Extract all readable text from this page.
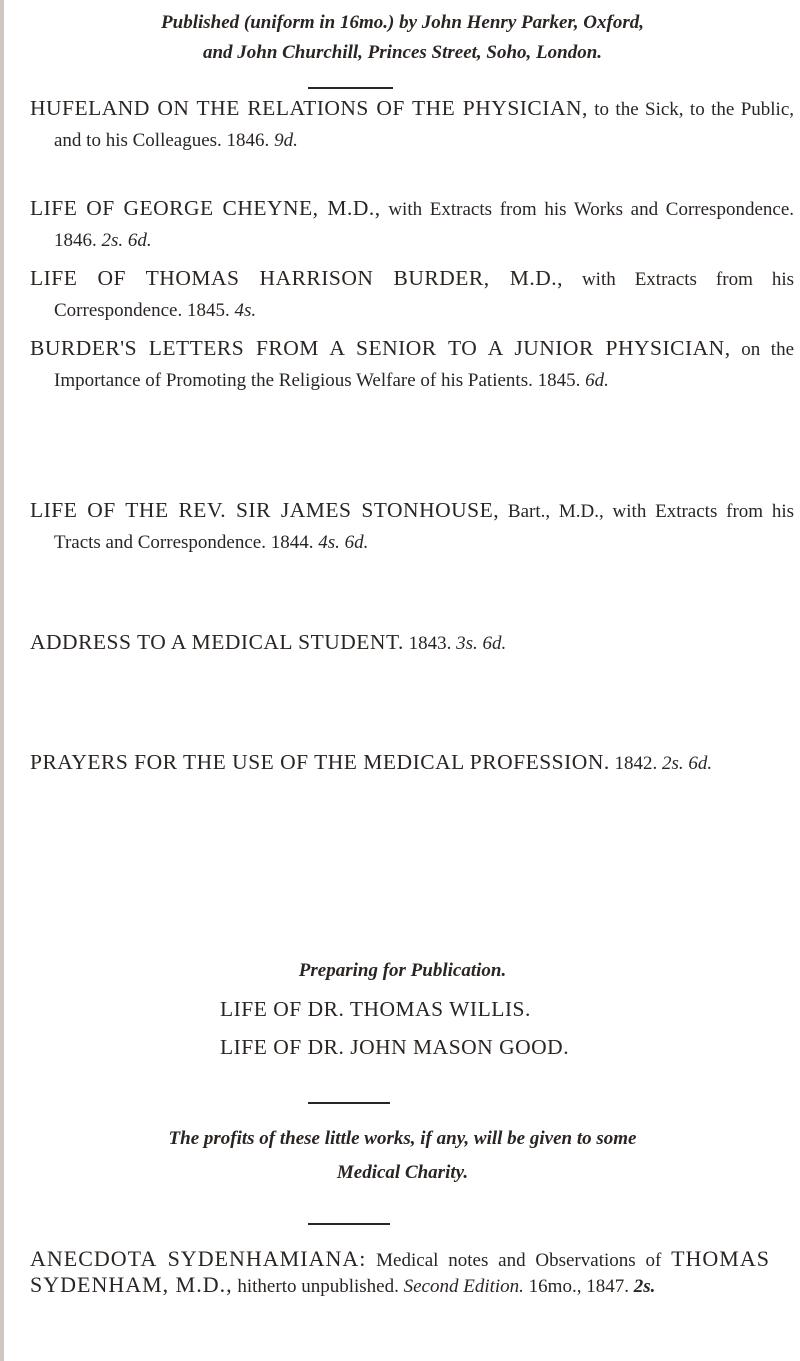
Published (uniform in 16mo.) by John Henry Parker, Oxford,
and John Churchill, Princes Street, Soho, London.
HUFELAND ON THE RELATIONS OF THE PHYSICIAN, to the Sick, to the Public, and to his Colleagues. 1846. 9d.
LIFE OF GEORGE CHEYNE, M.D., with Extracts from his Works and Correspondence. 1846. 2s. 6d.
LIFE OF THOMAS HARRISON BURDER, M.D., with Extracts from his Correspondence. 1845. 4s.
BURDER'S LETTERS FROM A SENIOR TO A JUNIOR PHYSICIAN, on the Importance of Promoting the Religious Welfare of his Patients. 1845. 6d.
LIFE OF THE REV. SIR JAMES STONHOUSE, Bart., M.D., with Extracts from his Tracts and Correspondence. 1844. 4s. 6d.
ADDRESS TO A MEDICAL STUDENT. 1843. 3s. 6d.
PRAYERS FOR THE USE OF THE MEDICAL PROFESSION. 1842. 2s. 6d.
Preparing for Publication.
LIFE OF DR. THOMAS WILLIS.
LIFE OF DR. JOHN MASON GOOD.
The profits of these little works, if any, will be given to some
Medical Charity.
ANECDOTA SYDENHAMIANA: Medical notes and Observations of THOMAS SYDENHAM, M.D., hitherto unpublished. Second Edition. 16mo., 1847. 2s.
